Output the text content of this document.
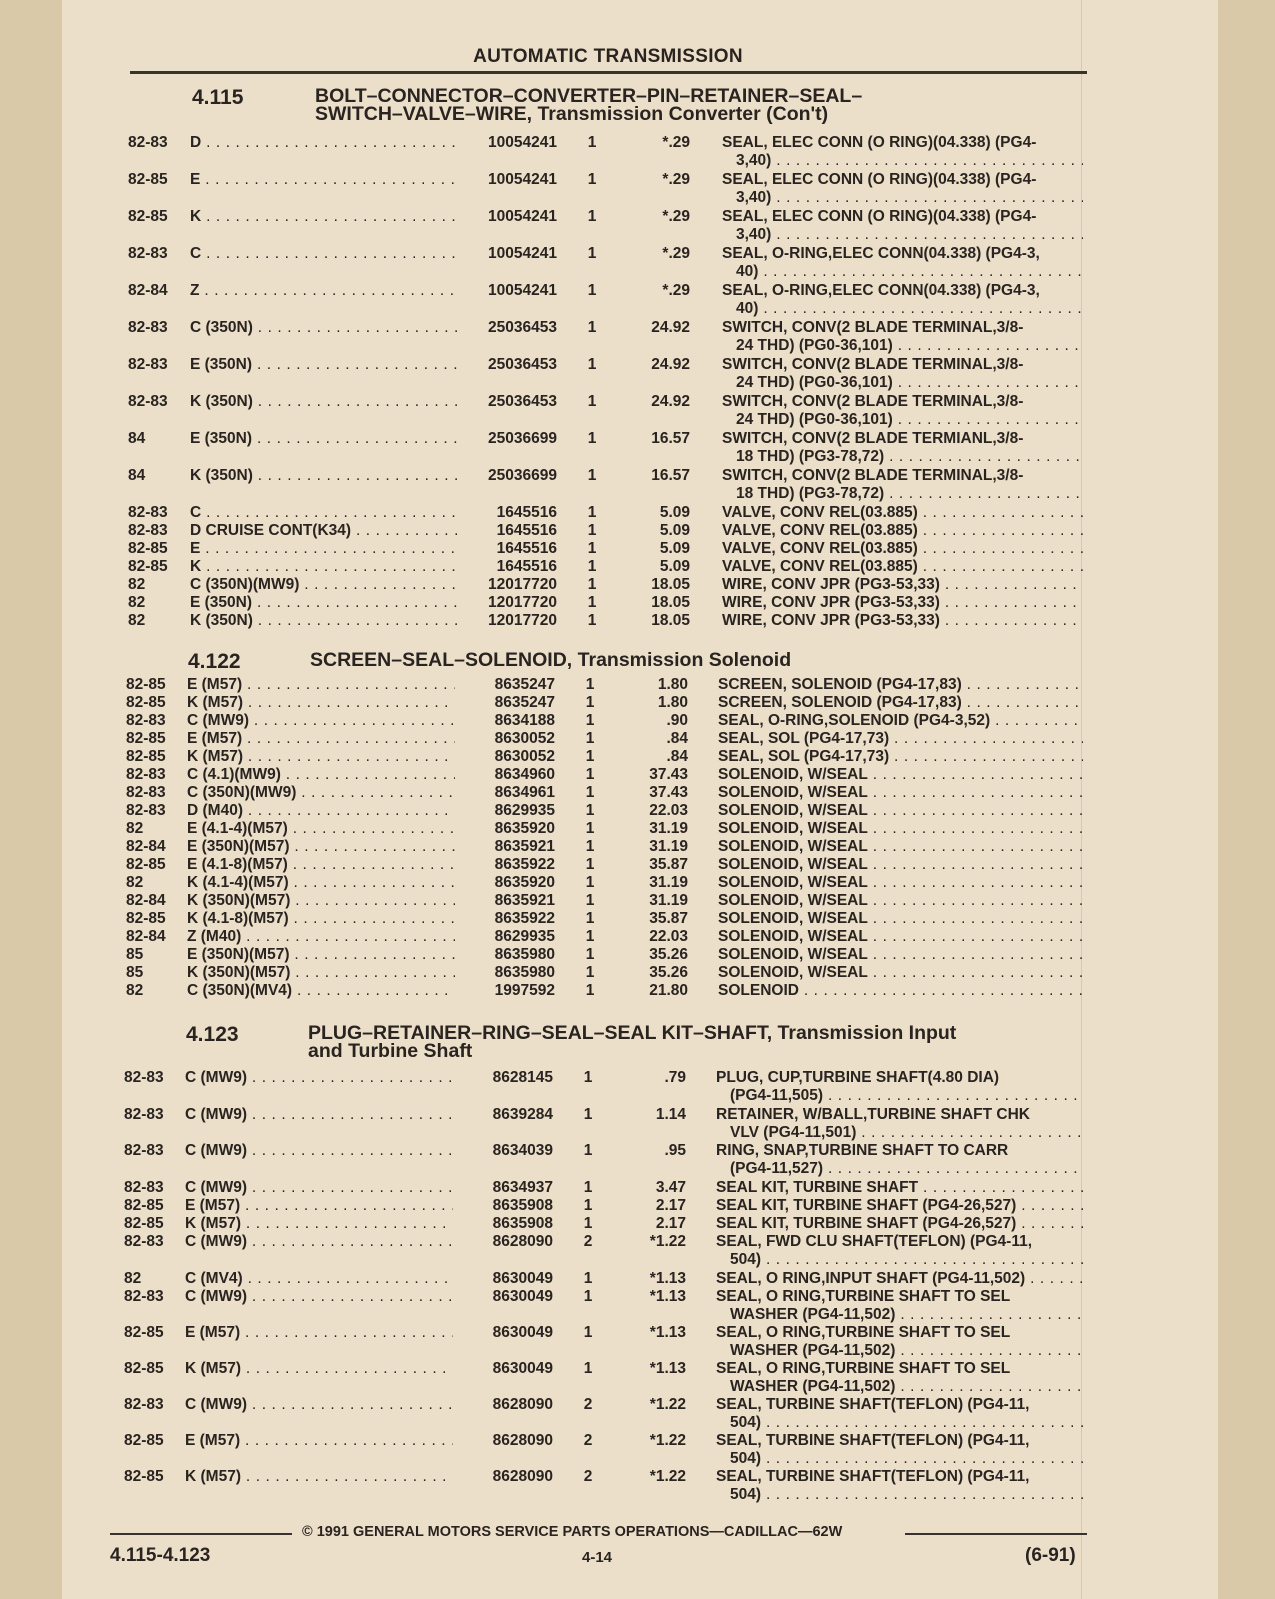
AUTOMATIC TRANSMISSION
4.115	BOLT–CONNECTOR–CONVERTER–PIN–RETAINER–SEAL–
SWITCH–VALVE–WIRE, Transmission Converter (Con't)
82-83 D . . .	10054241 1	*.29 SEAL, ELEC CONN (O RING)(04.338) (PG4-
3,40) . . .
82-85 E . . .	10054241 1	*.29 SEAL, ELEC CONN (O RING)(04.338) (PG4-
3,40) . . .
82-85 K . . .	10054241 1	*.29 SEAL, ELEC CONN (O RING)(04.338) (PG4-
3,40) . . .
82-83 C . . .	10054241 1	*.29 SEAL, O-RING,ELEC CONN(04.338) (PG4-3,
40) . . .
82-84 Z . . .	10054241 1	*.29 SEAL, O-RING,ELEC CONN(04.338) (PG4-3,
40) . . .
82-83 C (350N) . . .	25036453 1	24.92 SWITCH, CONV(2 BLADE TERMINAL,3/8-
24 THD) (PG0-36,101) . . .
82-83 E (350N) . . .	25036453 1	24.92 SWITCH, CONV(2 BLADE TERMINAL,3/8-
24 THD) (PG0-36,101) . . .
82-83 K (350N) . . .	25036453 1	24.92 SWITCH, CONV(2 BLADE TERMINAL,3/8-
24 THD) (PG0-36,101) . . .
84	E (350N) . . .	25036699 1	16.57 SWITCH, CONV(2 BLADE TERMIANL,3/8-
18 THD) (PG3-78,72) . . .
84	K (350N) . . .	25036699 1	16.57 SWITCH, CONV(2 BLADE TERMINAL,3/8-
18 THD) (PG3-78,72) . . .
82-83 C . . .	1645516 1	5.09 VALVE, CONV REL(03.885) . . .
82-83 D CRUISE CONT(K34) . . .	1645516 1	5.09 VALVE, CONV REL(03.885) . . .
82-85 E . . .	1645516 1	5.09 VALVE, CONV REL(03.885) . . .
82-85 K . . .	1645516 1	5.09 VALVE, CONV REL(03.885) . . .
82	C (350N)(MW9) . . .	12017720 1	18.05 WIRE, CONV JPR (PG3-53,33) . . .
82	E (350N) . . .	12017720 1	18.05 WIRE, CONV JPR (PG3-53,33) . . .
82	K (350N) . . .	12017720 1	18.05 WIRE, CONV JPR (PG3-53,33) . . .
4.122	SCREEN–SEAL–SOLENOID, Transmission Solenoid
82-85 E (M57) . . .	8635247 1	1.80 SCREEN, SOLENOID (PG4-17,83) . . .
82-85 K (M57) . . .	8635247 1	1.80 SCREEN, SOLENOID (PG4-17,83) . . .
82-83 C (MW9) . . .	8634188 1	.90 SEAL, O-RING,SOLENOID (PG4-3,52) . . .
82-85 E (M57) . . .	8630052 1	.84 SEAL, SOL (PG4-17,73) . . .
82-85 K (M57) . . .	8630052 1	.84 SEAL, SOL (PG4-17,73) . . .
82-83 C (4.1)(MW9) . . .	8634960 1	37.43 SOLENOID, W/SEAL . . .
82-83 C (350N)(MW9) . . .	8634961 1	37.43 SOLENOID, W/SEAL . . .
82-83 D (M40) . . .	8629935 1	22.03 SOLENOID, W/SEAL . . .
82	E (4.1-4)(M57) . . .	8635920 1	31.19 SOLENOID, W/SEAL . . .
82-84 E (350N)(M57) . . .	8635921 1	31.19 SOLENOID, W/SEAL . . .
82-85 E (4.1-8)(M57) . . .	8635922 1	35.87 SOLENOID, W/SEAL . . .
82	K (4.1-4)(M57) . . .	8635920 1	31.19 SOLENOID, W/SEAL . . .
82-84 K (350N)(M57) . . .	8635921 1	31.19 SOLENOID, W/SEAL . . .
82-85 K (4.1-8)(M57) . . .	8635922 1	35.87 SOLENOID, W/SEAL . . .
82-84 Z (M40) . . .	8629935 1	22.03 SOLENOID, W/SEAL . . .
85	E (350N)(M57) . . .	8635980 1	35.26 SOLENOID, W/SEAL . . .
85	K (350N)(M57) . . .	8635980 1	35.26 SOLENOID, W/SEAL . . .
82	C (350N)(MV4) . . .	1997592 1	21.80 SOLENOID . . .
4.123	PLUG–RETAINER–RING–SEAL–SEAL KIT–SHAFT, Transmission Input
and Turbine Shaft
82-83 C (MW9) . . .	8628145 1	.79 PLUG, CUP,TURBINE SHAFT(4.80 DIA)
(PG4-11,505) . . .
82-83 C (MW9) . . .	8639284 1	1.14 RETAINER, W/BALL,TURBINE SHAFT CHK
VLV (PG4-11,501) . . .
82-83 C (MW9) . . .	8634039 1	.95 RING, SNAP,TURBINE SHAFT TO CARR
(PG4-11,527) . . .
82-83 C (MW9) . . .	8634937 1	3.47 SEAL KIT, TURBINE SHAFT . . .
82-85 E (M57) . . .	8635908 1	2.17 SEAL KIT, TURBINE SHAFT (PG4-26,527) . . .
82-85 K (M57) . . .	8635908 1	2.17 SEAL KIT, TURBINE SHAFT (PG4-26,527) . . .
82-83 C (MW9) . . .	8628090 2	*1.22 SEAL, FWD CLU SHAFT(TEFLON) (PG4-11,
504) . . .
82	C (MV4) . . .	8630049 1	*1.13 SEAL, O RING,INPUT SHAFT (PG4-11,502) . . .
82-83 C (MW9) . . .	8630049 1	*1.13 SEAL, O RING,TURBINE SHAFT TO SEL
WASHER (PG4-11,502) . . .
82-85 E (M57) . . .	8630049 1	*1.13 SEAL, O RING,TURBINE SHAFT TO SEL
WASHER (PG4-11,502) . . .
82-85 K (M57) . . .	8630049 1	*1.13 SEAL, O RING,TURBINE SHAFT TO SEL
WASHER (PG4-11,502) . . .
82-83 C (MW9) . . .	8628090 2	*1.22 SEAL, TURBINE SHAFT(TEFLON) (PG4-11,
504) . . .
82-85 E (M57) . . .	8628090 2	*1.22 SEAL, TURBINE SHAFT(TEFLON) (PG4-11,
504) . . .
82-85 K (M57) . . .	8628090 2	*1.22 SEAL, TURBINE SHAFT(TEFLON) (PG4-11,
504) . . .
© 1991 GENERAL MOTORS SERVICE PARTS OPERATIONS—CADILLAC—62W
4.115-4.123	4-14	(6-91)
